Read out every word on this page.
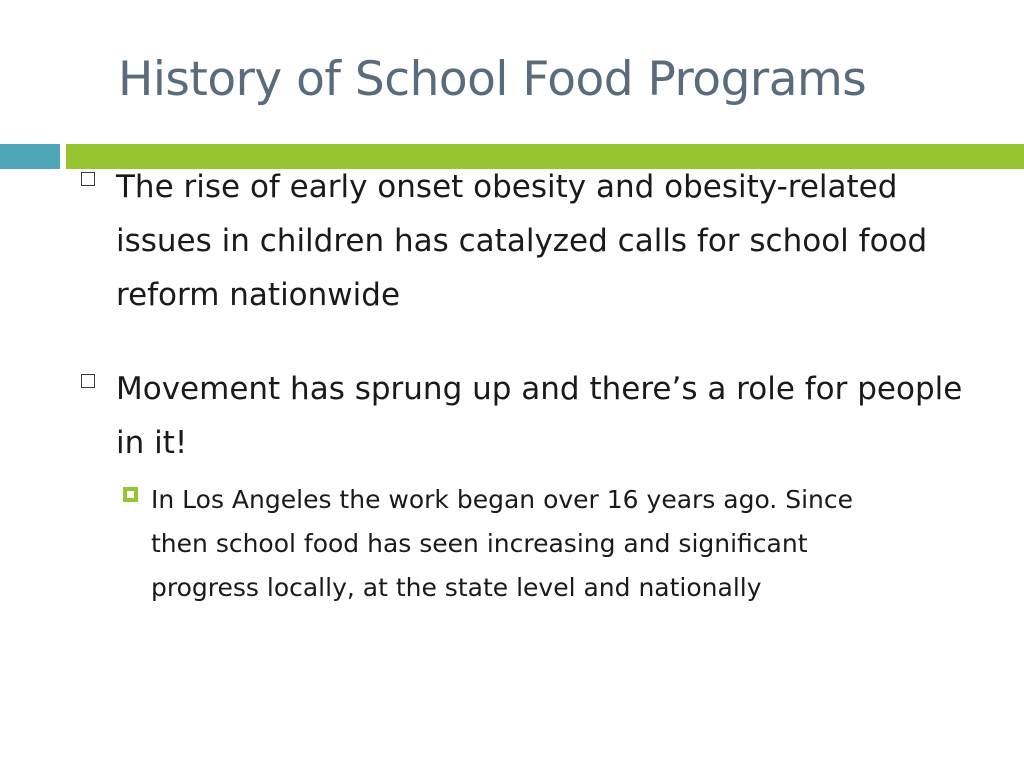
History of School Food Programs

The rise of early onset obesity and obesity-related issues in children has catalyzed calls for school food reform nationwide

Movement has sprung up and there’s a role for people in it!

In Los Angeles the work began over 16 years ago. Since then school food has seen increasing and significant progress locally, at the state level and nationally
